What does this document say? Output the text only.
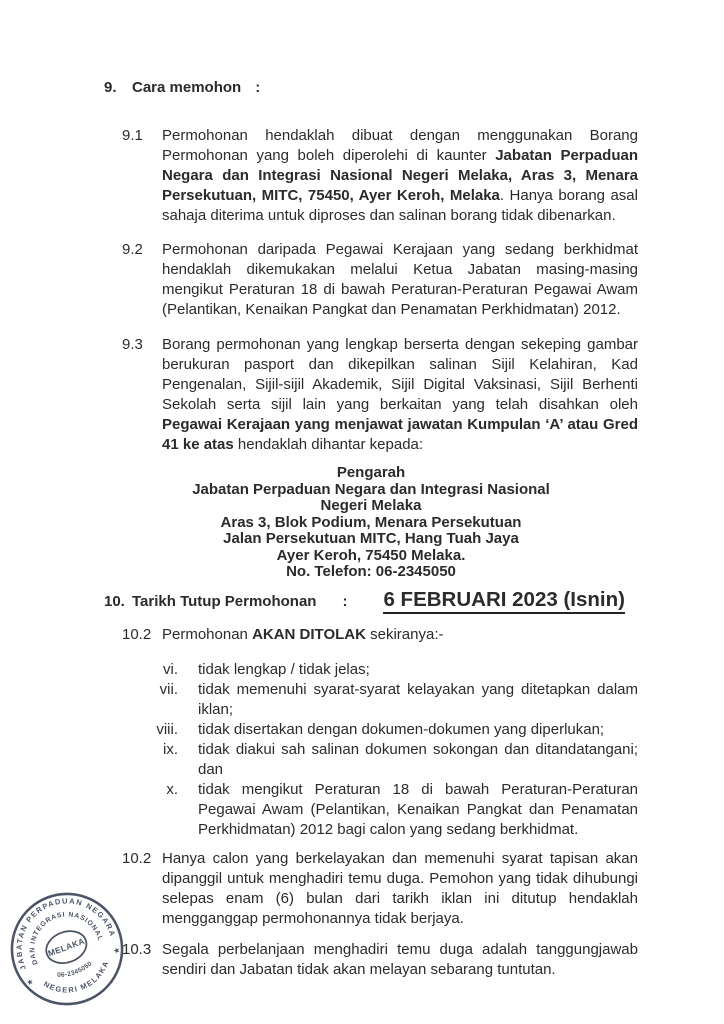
9.	Cara memohon :
9.1	Permohonan hendaklah dibuat dengan menggunakan Borang Permohonan yang boleh diperolehi di kaunter Jabatan Perpaduan Negara dan Integrasi Nasional Negeri Melaka, Aras 3, Menara Persekutuan, MITC, 75450, Ayer Keroh, Melaka. Hanya borang asal sahaja diterima untuk diproses dan salinan borang tidak dibenarkan.
9.2	Permohonan daripada Pegawai Kerajaan yang sedang berkhidmat hendaklah dikemukakan melalui Ketua Jabatan masing-masing mengikut Peraturan 18 di bawah Peraturan-Peraturan Pegawai Awam (Pelantikan, Kenaikan Pangkat dan Penamatan Perkhidmatan) 2012.
9.3	Borang permohonan yang lengkap berserta dengan sekeping gambar berukuran pasport dan dikepilkan salinan Sijil Kelahiran, Kad Pengenalan, Sijil-sijil Akademik, Sijil Digital Vaksinasi, Sijil Berhenti Sekolah serta sijil lain yang berkaitan yang telah disahkan oleh Pegawai Kerajaan yang menjawat jawatan Kumpulan ‘A’ atau Gred 41 ke atas hendaklah dihantar kepada:
Pengarah
Jabatan Perpaduan Negara dan Integrasi Nasional
Negeri Melaka
Aras 3, Blok Podium, Menara Persekutuan
Jalan Persekutuan MITC, Hang Tuah Jaya
Ayer Keroh, 75450 Melaka.
No. Telefon: 06-2345050
10. Tarikh Tutup Permohonan : 6 FEBRUARI 2023 (Isnin)
10.2 Permohonan AKAN DITOLAK sekiranya:-
vi. tidak lengkap / tidak jelas;
vii. tidak memenuhi syarat-syarat kelayakan yang ditetapkan dalam iklan;
viii. tidak disertakan dengan dokumen-dokumen yang diperlukan;
ix. tidak diakui sah salinan dokumen sokongan dan ditandatangani; dan
x. tidak mengikut Peraturan 18 di bawah Peraturan-Peraturan Pegawai Awam (Pelantikan, Kenaikan Pangkat dan Penamatan Perkhidmatan) 2012 bagi calon yang sedang berkhidmat.
10.2 Hanya calon yang berkelayakan dan memenuhi syarat tapisan akan dipanggil untuk menghadiri temu duga. Pemohon yang tidak dihubungi selepas enam (6) bulan dari tarikh iklan ini ditutup hendaklah mengganggap permohonannya tidak berjaya.
10.3 Segala perbelanjaan menghadiri temu duga adalah tanggungjawab sendiri dan Jabatan tidak akan melayan sebarang tuntutan.
JABATAN PERPADUAN NEGARA
DAN INTEGRASI NASIONAL
MELAKA
06-2345050
NEGERI MELAKA
★
★
